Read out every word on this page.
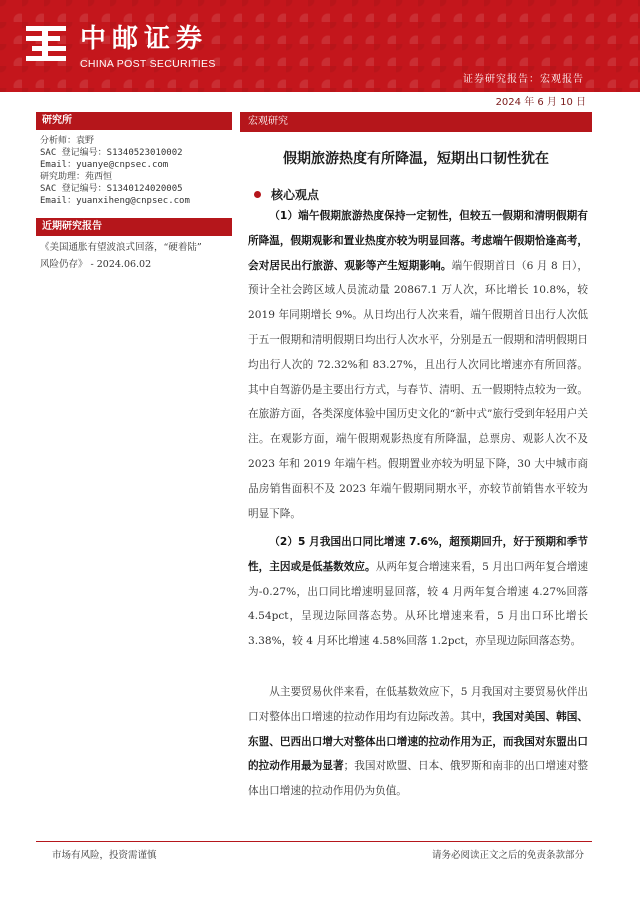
中邮证券
CHINA POST SECURITIES
证券研究报告：宏观报告
2024 年 6 月 10 日
研究所
分析师：袁野
SAC 登记编号：S1340523010002
Email：yuanye@cnpsec.com
研究助理：苑西恒
SAC 登记编号：S1340124020005
Email：yuanxiheng@cnpsec.com
近期研究报告
《美国通胀有望波浪式回落，“硬着陆”
风险仍存》 - 2024.06.02
宏观研究
假期旅游热度有所降温，短期出口韧性犹在
核心观点
（1）端午假期旅游热度保持一定韧性，但较五一假期和清明假期有所降温，假期观影和置业热度亦较为明显回落。考虑端午假期恰逢高考，会对居民出行旅游、观影等产生短期影响。端午假期首日（6 月 8 日），预计全社会跨区域人员流动量 20867.1 万人次，环比增长 10.8%，较 2019 年同期增长 9%。从日均出行人次来看，端午假期首日出行人次低于五一假期和清明假期日均出行人次水平，分别是五一假期和清明假期日均出行人次的 72.32%和 83.27%，且出行人次同比增速亦有所回落。其中自驾游仍是主要出行方式，与春节、清明、五一假期特点较为一致。在旅游方面，各类深度体验中国历史文化的“新中式”旅行受到年轻用户关注。在观影方面，端午假期观影热度有所降温，总票房、观影人次不及 2023 年和 2019 年端午档。假期置业亦较为明显下降，30 大中城市商品房销售面积不及 2023 年端午假期同期水平，亦较节前销售水平较为明显下降。
（2）5 月我国出口同比增速 7.6%，超预期回升，好于预期和季节性，主因或是低基数效应。从两年复合增速来看，5 月出口两年复合增速为-0.27%，出口同比增速明显回落，较 4 月两年复合增速 4.27%回落 4.54pct，呈现边际回落态势。从环比增速来看，5 月出口环比增长 3.38%，较 4 月环比增速 4.58%回落 1.2pct，亦呈现边际回落态势。
从主要贸易伙伴来看，在低基数效应下，5 月我国对主要贸易伙伴出口对整体出口增速的拉动作用均有边际改善。其中，我国对美国、韩国、东盟、巴西出口增大对整体出口增速的拉动作用为正，而我国对东盟出口的拉动作用最为显著；我国对欧盟、日本、俄罗斯和南非的出口增速对整体出口增速的拉动作用仍为负值。
市场有风险，投资需谨慎	请务必阅读正文之后的免责条款部分
